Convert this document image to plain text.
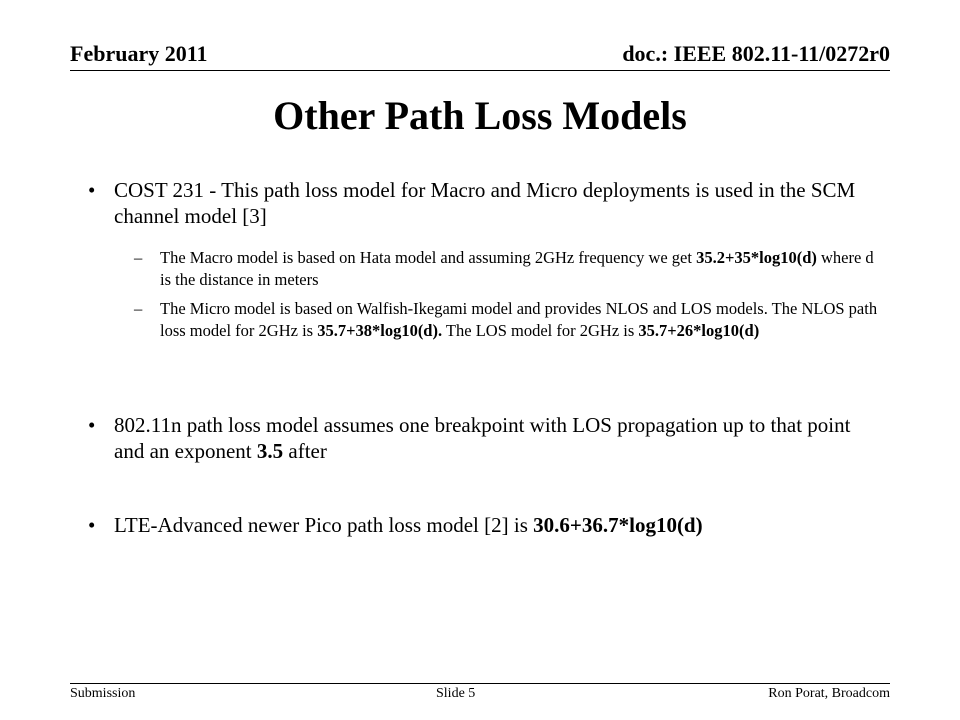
February 2011	doc.: IEEE 802.11-11/0272r0
Other Path Loss Models
• COST 231 - This path loss model for Macro and Micro deployments is used in the SCM channel model [3]
– The Macro model is based on Hata model and assuming 2GHz frequency we get 35.2+35*log10(d) where d is the distance in meters
– The Micro model is based on Walfish-Ikegami model and provides NLOS and LOS models. The NLOS path loss model for 2GHz is 35.7+38*log10(d). The LOS model for 2GHz is 35.7+26*log10(d)
• 802.11n path loss model assumes one breakpoint with LOS propagation up to that point and an exponent 3.5 after
• LTE-Advanced newer Pico path loss model [2] is 30.6+36.7*log10(d)
Submission	Slide 5	Ron Porat, Broadcom
